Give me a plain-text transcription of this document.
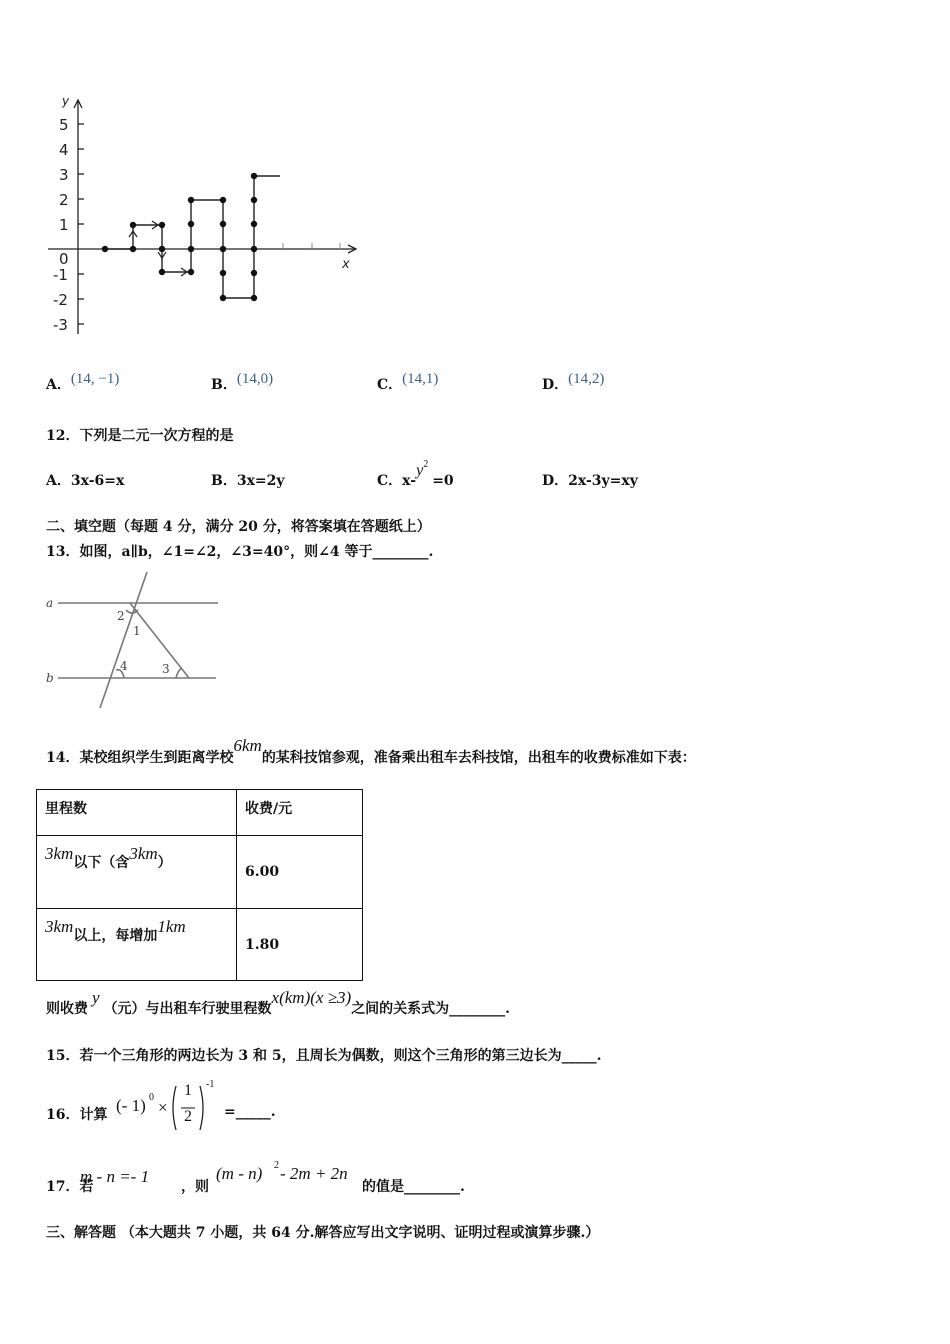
y
x
5
4
3
2
1
0
-1
-2
-3
A．(14, −1)	B．(14,0)	C．(14,1)	D．(14,2)
12．下列是二元一次方程的是
A．3x-6=x	B．3x=2y	C．$x-y^2=0$	D．2x-3y=xy
二、填空题（每题 4 分，满分 20 分，将答案填在答题纸上）
13．如图，a∥b，∠1=∠2，∠3=40°，则∠4 等于________.
a
b
2
1
4	3
14．某校组织学生到距离学校6km的某科技馆参观，准备乘出租车去科技馆，出租车的收费标准如下表：
里程数	收费/元
3km以下（含3km）	6.00
3km以上，每增加1km	1.80
则收费y（元）与出租车行驶里程数x(km)(x ≥3)之间的关系式为________.
15．若一个三角形的两边长为 3 和 5，且周长为偶数，则这个三角形的第三边长为_____.
16．计算 (- 1) 0
×
1
2
-1
=_____.
17．若
m - n =- 1
，则
(m - n) 2 - 2m + 2n
的值是________.
三、解答题 （本大题共 7 小题，共 64 分.解答应写出文字说明、证明过程或演算步骤.）
